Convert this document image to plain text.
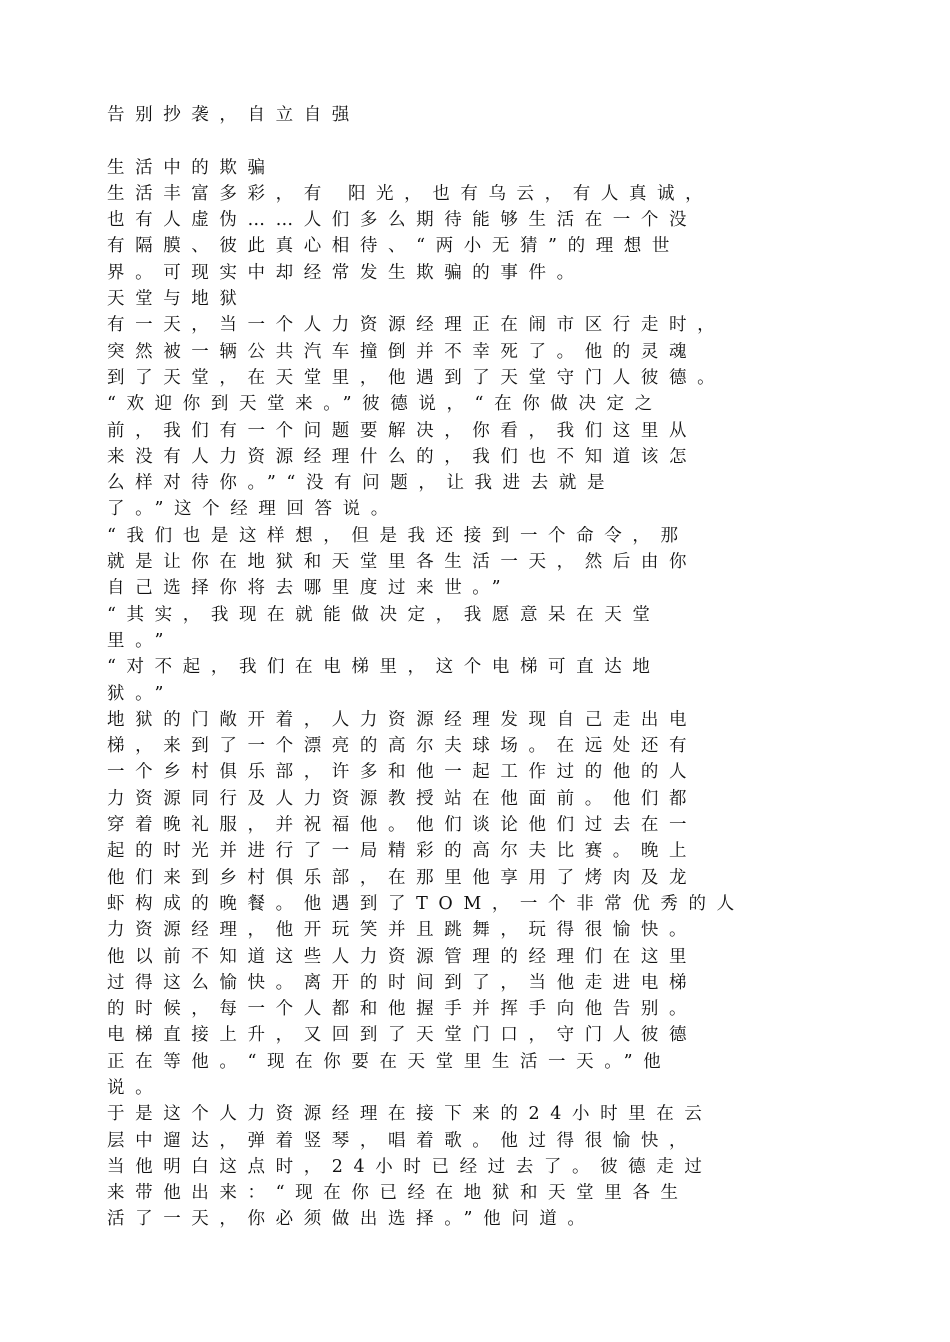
告别抄袭，自立自强
生活中的欺骗
生活丰富多彩，有 阳光，也有乌云，有人真诚，
也有人虚伪……人们多么期待能够生活在一个没
有隔膜、彼此真心相待、“两小无猜”的理想世
界。可现实中却经常发生欺骗的事件。
天堂与地狱
有一天，当一个人力资源经理正在闹市区行走时，
突然被一辆公共汽车撞倒并不幸死了。他的灵魂
到了天堂，在天堂里，他遇到了天堂守门人彼德。
“欢迎你到天堂来。”彼德说，“在你做决定之
前，我们有一个问题要解决，你看，我们这里从
来没有人力资源经理什么的，我们也不知道该怎
么样对待你。”“没有问题，让我进去就是
了。”这个经理回答说。
“我们也是这样想，但是我还接到一个命令，那
就是让你在地狱和天堂里各生活一天，然后由你
自己选择你将去哪里度过来世。”
“其实，我现在就能做决定，我愿意呆在天堂
里。”
“对不起，我们在电梯里，这个电梯可直达地
狱。”
地狱的门敞开着，人力资源经理发现自己走出电
梯，来到了一个漂亮的高尔夫球场。在远处还有
一个乡村俱乐部，许多和他一起工作过的他的人
力资源同行及人力资源教授站在他面前。他们都
穿着晚礼服，并祝福他。他们谈论他们过去在一
起的时光并进行了一局精彩的高尔夫比赛。晚上
他们来到乡村俱乐部，在那里他享用了烤肉及龙
虾构成的晚餐。他遇到了TOM，一个非常优秀的人
力资源经理，他开玩笑并且跳舞，玩得很愉快。
他以前不知道这些人力资源管理的经理们在这里
过得这么愉快。离开的时间到了，当他走进电梯
的时候，每一个人都和他握手并挥手向他告别。
电梯直接上升，又回到了天堂门口，守门人彼德
正在等他。“现在你要在天堂里生活一天。”他
说。
于是这个人力资源经理在接下来的24小时里在云
层中遛达，弹着竖琴，唱着歌。他过得很愉快，
当他明白这点时，24小时已经过去了。彼德走过
来带他出来：“现在你已经在地狱和天堂里各生
活了一天，你必须做出选择。”他问道。
